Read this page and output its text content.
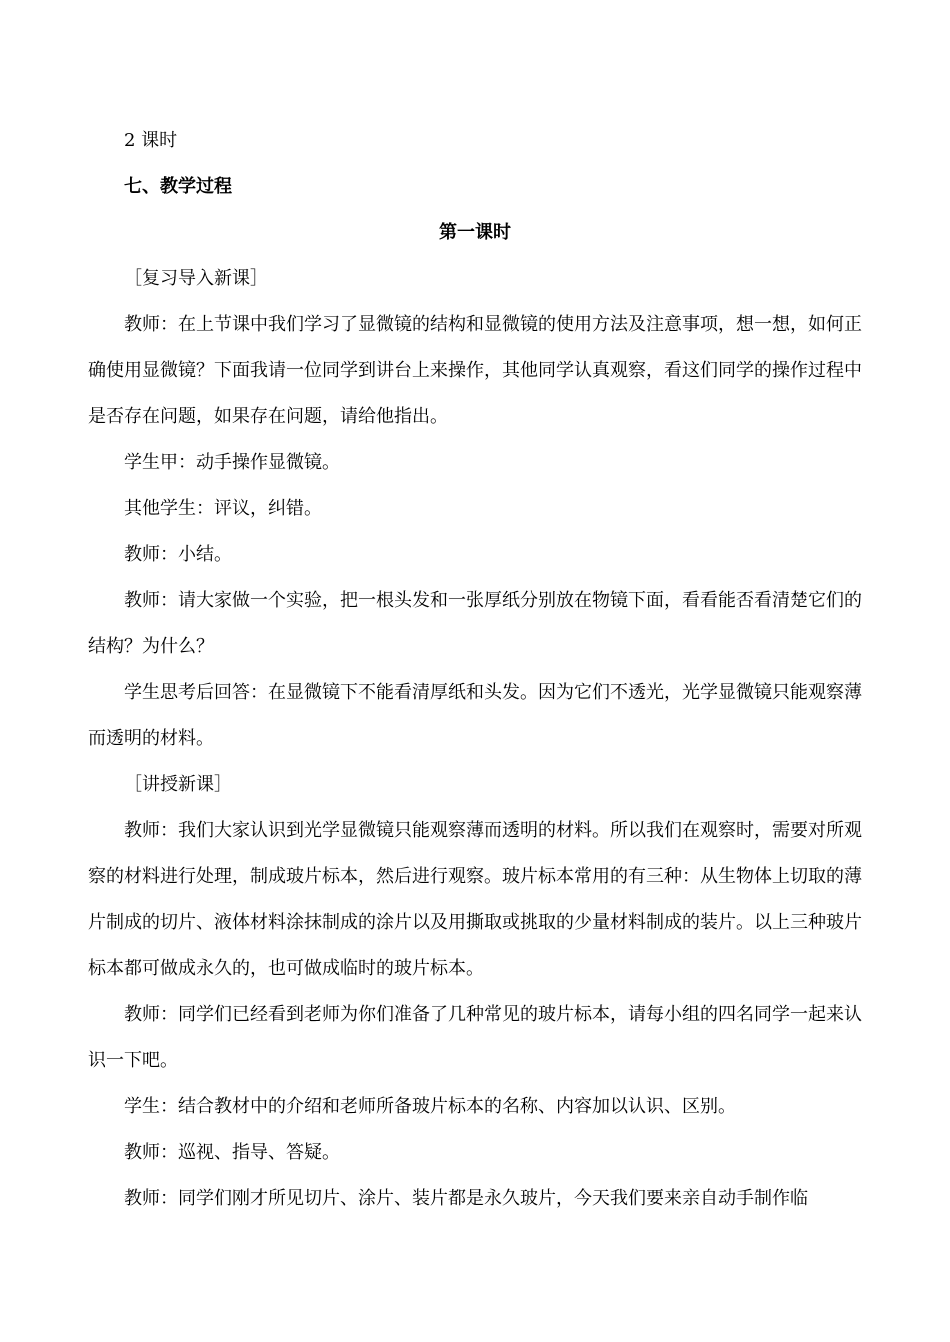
2 课时
七、教学过程
第一课时
［复习导入新课］

教师：在上节课中我们学习了显微镜的结构和显微镜的使用方法及注意事项，想一想，如何正确使用显微镜？下面我请一位同学到讲台上来操作，其他同学认真观察，看这们同学的操作过程中是否存在问题，如果存在问题，请给他指出。

学生甲：动手操作显微镜。

其他学生：评议，纠错。

教师：小结。

教师：请大家做一个实验，把一根头发和一张厚纸分别放在物镜下面，看看能否看清楚它们的结构？为什么？

学生思考后回答：在显微镜下不能看清厚纸和头发。因为它们不透光，光学显微镜只能观察薄而透明的材料。

［讲授新课］

教师：我们大家认识到光学显微镜只能观察薄而透明的材料。所以我们在观察时，需要对所观察的材料进行处理，制成玻片标本，然后进行观察。玻片标本常用的有三种：从生物体上切取的薄片制成的切片、液体材料涂抹制成的涂片以及用撕取或挑取的少量材料制成的装片。以上三种玻片标本都可做成永久的，也可做成临时的玻片标本。

教师：同学们已经看到老师为你们准备了几种常见的玻片标本，请每小组的四名同学一起来认识一下吧。

学生：结合教材中的介绍和老师所备玻片标本的名称、内容加以认识、区别。

教师：巡视、指导、答疑。

教师：同学们刚才所见切片、涂片、装片都是永久玻片，今天我们要来亲自动手制作临
